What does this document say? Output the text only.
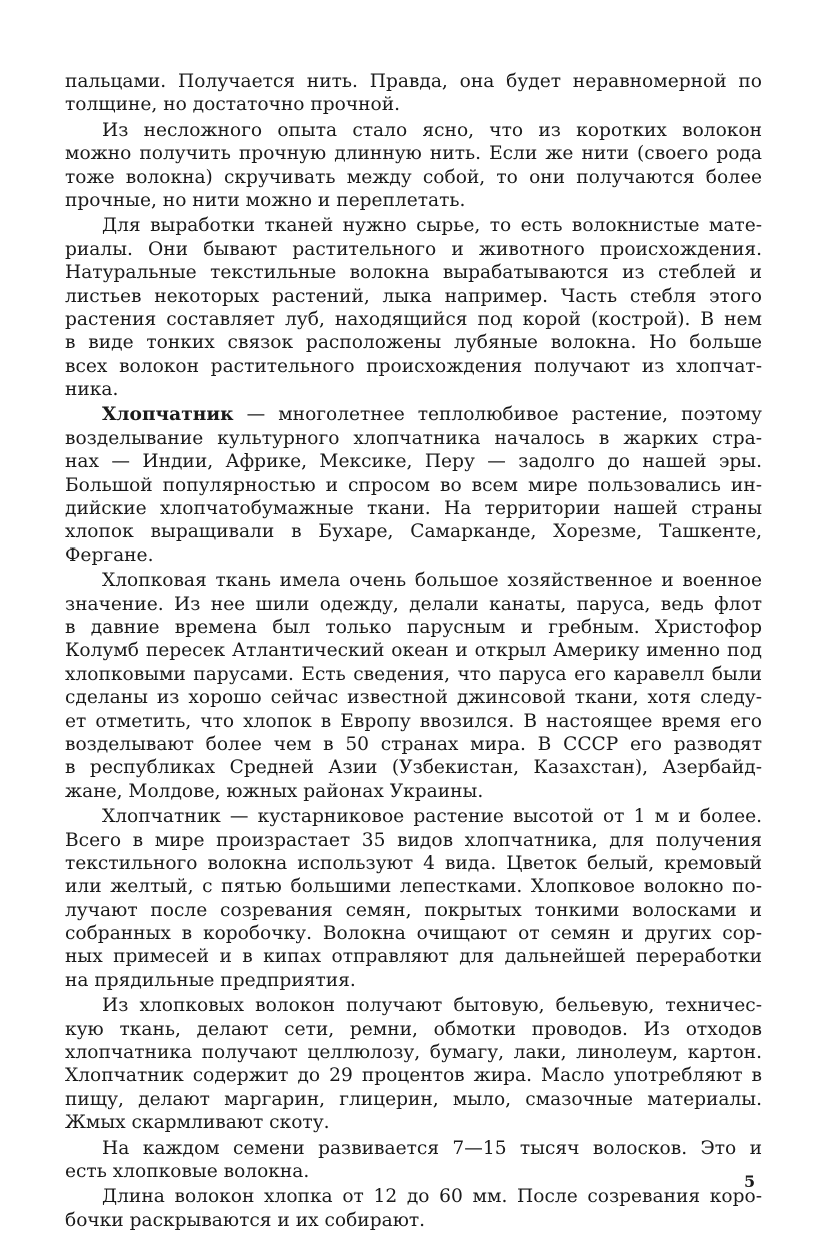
пальцами. Получается нить. Правда, она будет неравномерной по
толщине, но достаточно прочной.
Из несложного опыта стало ясно, что из коротких волокон
можно получить прочную длинную нить. Если же нити (своего рода
тоже волокна) скручивать между собой, то они получаются более
прочные, но нити можно и переплетать.
Для выработки тканей нужно сырье, то есть волокнистые мате-
риалы. Они бывают растительного и животного происхождения.
Натуральные текстильные волокна вырабатываются из стеблей и
листьев некоторых растений, лыка например. Часть стебля этого
растения составляет луб, находящийся под корой (кострой). В нем
в виде тонких связок расположены лубяные волокна. Но больше
всех волокон растительного происхождения получают из хлопчат-
ника.
Хлопчатник — многолетнее теплолюбивое растение, поэтому
возделывание культурного хлопчатника началось в жарких стра-
нах — Индии, Африке, Мексике, Перу — задолго до нашей эры.
Большой популярностью и спросом во всем мире пользовались ин-
дийские хлопчатобумажные ткани. На территории нашей страны
хлопок выращивали в Бухаре, Самарканде, Хорезме, Ташкенте,
Фергане.
Хлопковая ткань имела очень большое хозяйственное и военное
значение. Из нее шили одежду, делали канаты, паруса, ведь флот
в давние времена был только парусным и гребным. Христофор
Колумб пересек Атлантический океан и открыл Америку именно под
хлопковыми парусами. Есть сведения, что паруса его каравелл были
сделаны из хорошо сейчас известной джинсовой ткани, хотя следу-
ет отметить, что хлопок в Европу ввозился. В настоящее время его
возделывают более чем в 50 странах мира. В СССР его разводят
в республиках Средней Азии (Узбекистан, Казахстан), Азербайд-
жане, Молдове, южных районах Украины.
Хлопчатник — кустарниковое растение высотой от 1 м и более.
Всего в мире произрастает 35 видов хлопчатника, для получения
текстильного волокна используют 4 вида. Цветок белый, кремовый
или желтый, с пятью большими лепестками. Хлопковое волокно по-
лучают после созревания семян, покрытых тонкими волосками и
собранных в коробочку. Волокна очищают от семян и других сор-
ных примесей и в кипах отправляют для дальнейшей переработки
на прядильные предприятия.
Из хлопковых волокон получают бытовую, бельевую, техничес-
кую ткань, делают сети, ремни, обмотки проводов. Из отходов
хлопчатника получают целлюлозу, бумагу, лаки, линолеум, картон.
Хлопчатник содержит до 29 процентов жира. Масло употребляют в
пищу, делают маргарин, глицерин, мыло, смазочные материалы.
Жмых скармливают скоту.
На каждом семени развивается 7—15 тысяч волосков. Это и
есть хлопковые волокна.
Длина волокон хлопка от 12 до 60 мм. После созревания коро-
бочки раскрываются и их собирают.
5
